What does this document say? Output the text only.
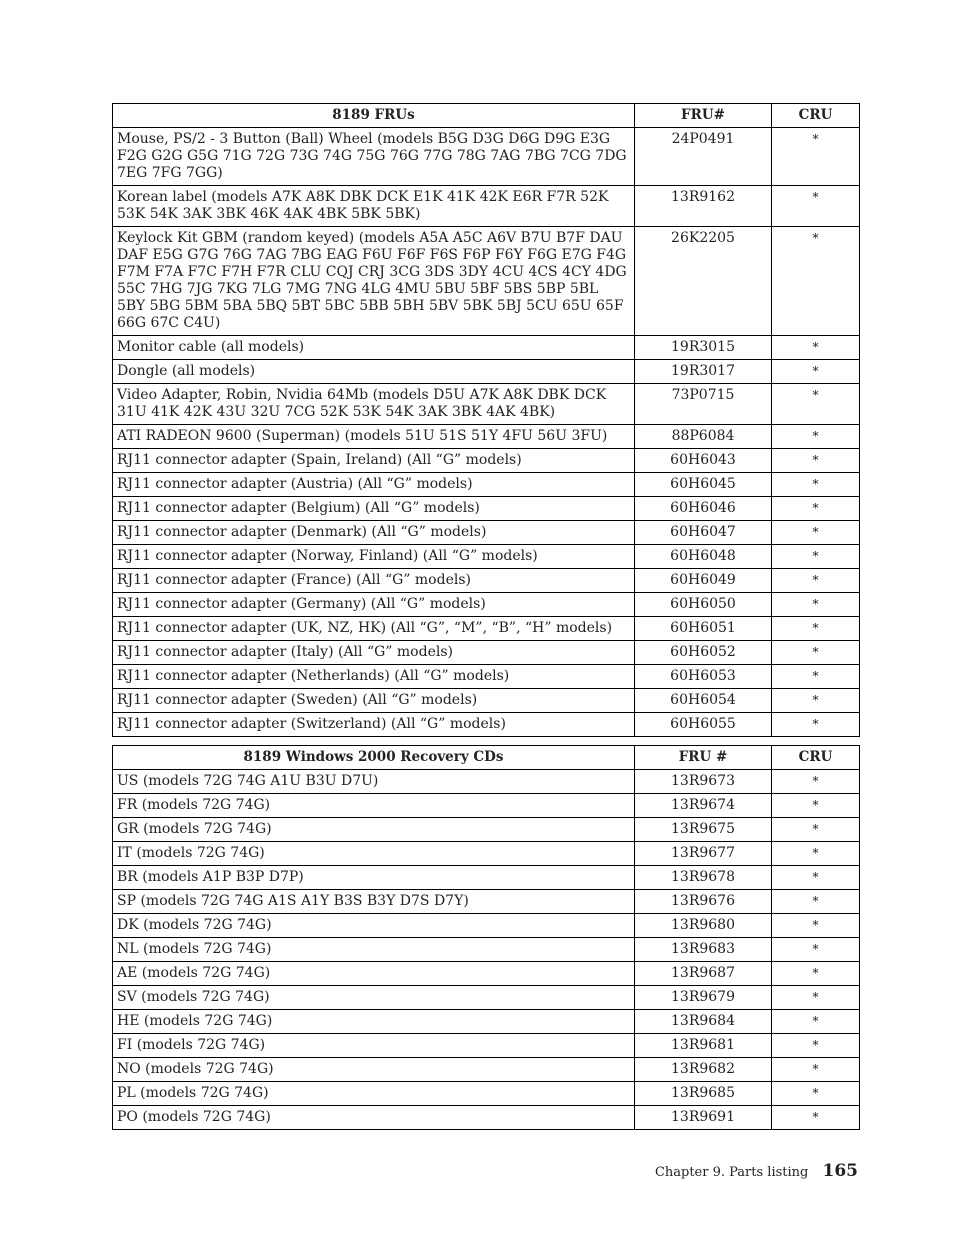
8189 FRUs	FRU#	CRU
Mouse, PS/2 - 3 Button (Ball) Wheel (models B5G D3G D6G D9G E3G F2G G2G G5G 71G 72G 73G 74G 75G 76G 77G 78G 7AG 7BG 7CG 7DG 7EG 7FG 7GG)	24P0491	*
Korean label (models A7K A8K DBK DCK E1K 41K 42K E6R F7R 52K 53K 54K 3AK 3BK 46K 4AK 4BK 5BK 5BK)	13R9162	*
Keylock Kit GBM (random keyed) (models A5A A5C A6V B7U B7F DAU DAF E5G G7G 76G 7AG 7BG EAG F6U F6F F6S F6P F6Y F6G E7G F4G F7M F7A F7C F7H F7R CLU CQJ CRJ 3CG 3DS 3DY 4CU 4CS 4CY 4DG 55C 7HG 7JG 7KG 7LG 7MG 7NG 4LG 4MU 5BU 5BF 5BS 5BP 5BL 5BY 5BG 5BM 5BA 5BQ 5BT 5BC 5BB 5BH 5BV 5BK 5BJ 5CU 65U 65F 66G 67C C4U)	26K2205	*
Monitor cable (all models)	19R3015	*
Dongle (all models)	19R3017	*
Video Adapter, Robin, Nvidia 64Mb (models D5U A7K A8K DBK DCK 31U 41K 42K 43U 32U 7CG 52K 53K 54K 3AK 3BK 4AK 4BK)	73P0715	*
ATI RADEON 9600 (Superman) (models 51U 51S 51Y 4FU 56U 3FU)	88P6084	*
RJ11 connector adapter (Spain, Ireland) (All “G” models)	60H6043	*
RJ11 connector adapter (Austria) (All “G” models)	60H6045	*
RJ11 connector adapter (Belgium) (All “G” models)	60H6046	*
RJ11 connector adapter (Denmark) (All “G” models)	60H6047	*
RJ11 connector adapter (Norway, Finland) (All “G” models)	60H6048	*
RJ11 connector adapter (France) (All “G” models)	60H6049	*
RJ11 connector adapter (Germany) (All “G” models)	60H6050	*
RJ11 connector adapter (UK, NZ, HK) (All “G”, “M”, “B”, “H” models)	60H6051	*
RJ11 connector adapter (Italy) (All “G” models)	60H6052	*
RJ11 connector adapter (Netherlands) (All “G” models)	60H6053	*
RJ11 connector adapter (Sweden) (All “G” models)	60H6054	*
RJ11 connector adapter (Switzerland) (All “G” models)	60H6055	*
8189 Windows 2000 Recovery CDs	FRU #	CRU
US (models 72G 74G A1U B3U D7U)	13R9673	*
FR (models 72G 74G)	13R9674	*
GR (models 72G 74G)	13R9675	*
IT (models 72G 74G)	13R9677	*
BR (models A1P B3P D7P)	13R9678	*
SP (models 72G 74G A1S A1Y B3S B3Y D7S D7Y)	13R9676	*
DK (models 72G 74G)	13R9680	*
NL (models 72G 74G)	13R9683	*
AE (models 72G 74G)	13R9687	*
SV (models 72G 74G)	13R9679	*
HE (models 72G 74G)	13R9684	*
FI (models 72G 74G)	13R9681	*
NO (models 72G 74G)	13R9682	*
PL (models 72G 74G)	13R9685	*
PO (models 72G 74G)	13R9691	*
Chapter 9. Parts listing 165
